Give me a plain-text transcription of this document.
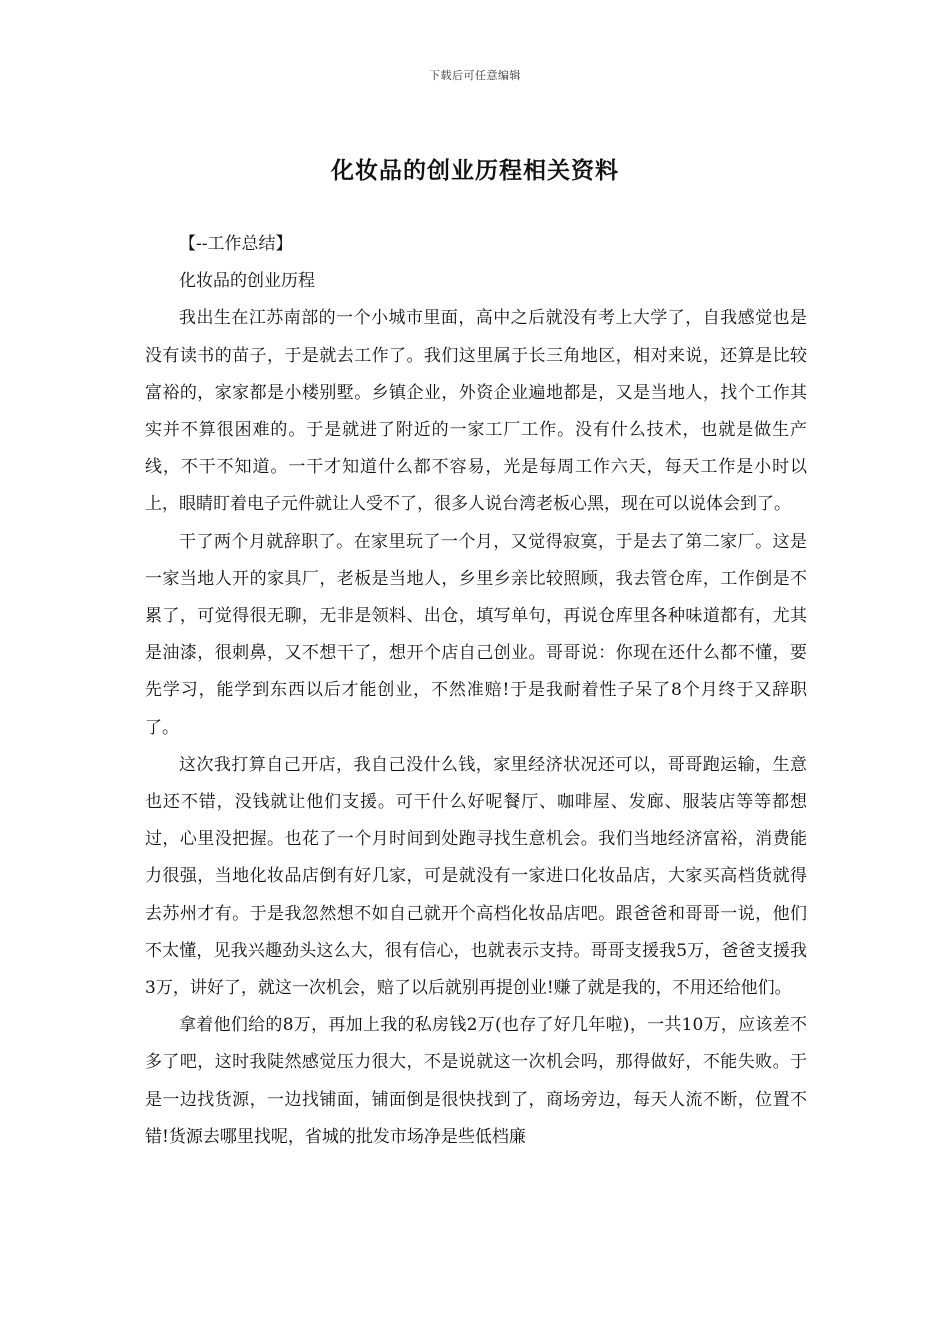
下载后可任意编辑
化妆品的创业历程相关资料

【--工作总结】

化妆品的创业历程

我出生在江苏南部的一个小城市里面，高中之后就没有考上大学了，自我感觉也是没有读书的苗子，于是就去工作了。我们这里属于长三角地区，相对来说，还算是比较富裕的，家家都是小楼别墅。乡镇企业，外资企业遍地都是，又是当地人，找个工作其实并不算很困难的。于是就进了附近的一家工厂工作。没有什么技术，也就是做生产线，不干不知道。一干才知道什么都不容易，光是每周工作六天，每天工作是小时以上，眼睛盯着电子元件就让人受不了，很多人说台湾老板心黑，现在可以说体会到了。

干了两个月就辞职了。在家里玩了一个月，又觉得寂寞，于是去了第二家厂。这是一家当地人开的家具厂，老板是当地人，乡里乡亲比较照顾，我去管仓库，工作倒是不累了，可觉得很无聊，无非是领料、出仓，填写单句，再说仓库里各种味道都有，尤其是油漆，很刺鼻，又不想干了，想开个店自己创业。哥哥说：你现在还什么都不懂，要先学习，能学到东西以后才能创业，不然准赔!于是我耐着性子呆了8个月终于又辞职了。

这次我打算自己开店，我自己没什么钱，家里经济状况还可以，哥哥跑运输，生意也还不错，没钱就让他们支援。可干什么好呢餐厅、咖啡屋、发廊、服装店等等都想过，心里没把握。也花了一个月时间到处跑寻找生意机会。我们当地经济富裕，消费能力很强，当地化妆品店倒有好几家，可是就没有一家进口化妆品店，大家买高档货就得去苏州才有。于是我忽然想不如自己就开个高档化妆品店吧。跟爸爸和哥哥一说，他们不太懂，见我兴趣劲头这么大，很有信心，也就表示支持。哥哥支援我5万，爸爸支援我3万，讲好了，就这一次机会，赔了以后就别再提创业!赚了就是我的，不用还给他们。

拿着他们给的8万，再加上我的私房钱2万(也存了好几年啦)，一共10万，应该差不多了吧，这时我陡然感觉压力很大，不是说就这一次机会吗，那得做好，不能失败。于是一边找货源，一边找铺面，铺面倒是很快找到了，商场旁边，每天人流不断，位置不错!货源去哪里找呢，省城的批发市场净是些低档廉
